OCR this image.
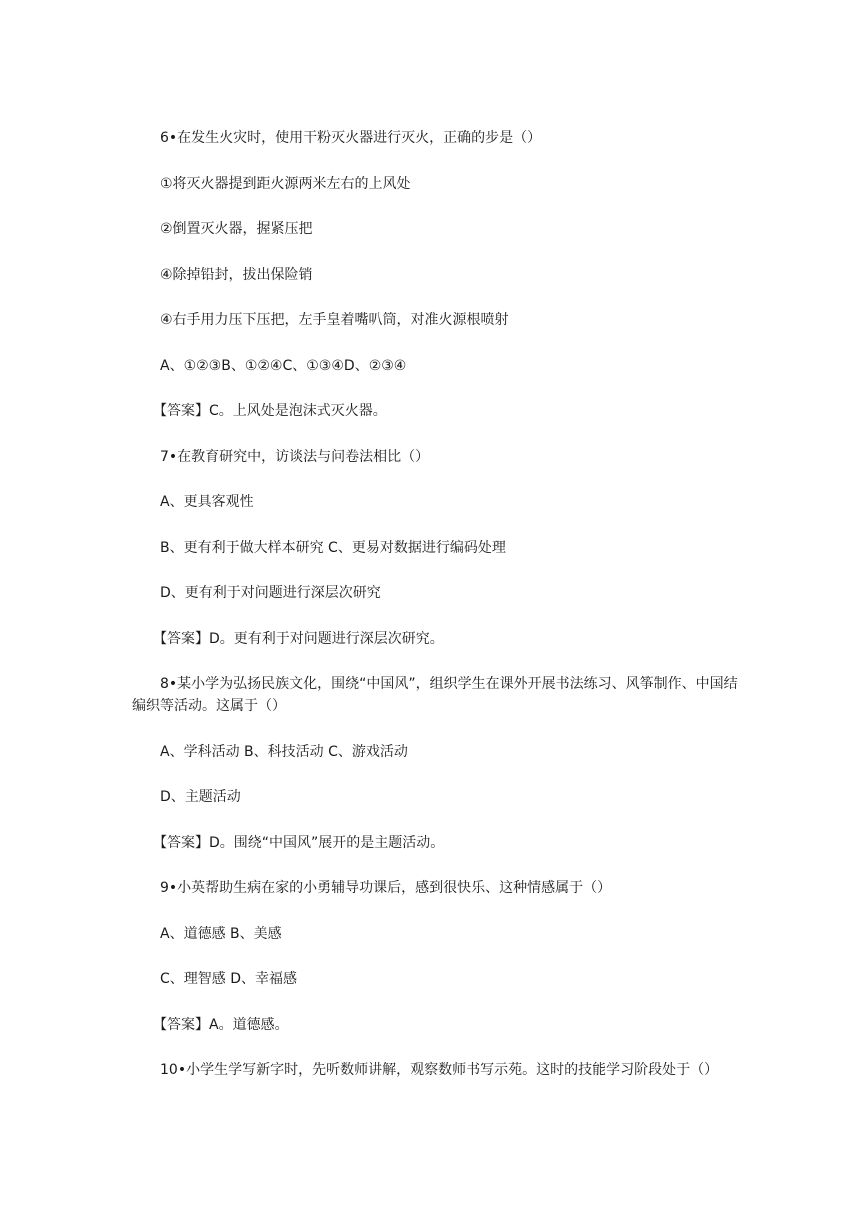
6•在发生火灾时，使用干粉灭火器进行灭火，正确的步是（）
①将灭火器提到距火源两米左右的上风处
②倒置灭火器，握紧压把
④除掉铅封，拔出保险销
④右手用力压下压把，左手皇着嘴叭筒，对准火源根喷射
A、①②③B、①②④C、①③④D、②③④
【答案】C。上风处是泡沫式灭火器。
7•在教育研究中，访谈法与问卷法相比（）
A、更具客观性
B、更有利于做大样本研究 C、更易对数据进行编码处理
D、更有利于对问题进行深层次研究
【答案】D。更有利于对问题进行深层次研究。
8•某小学为弘扬民族文化，围绕“中国风”，组织学生在课外开展书法练习、风筝制作、中国结编织等活动。这属于（）
A、学科活动 B、科技活动 C、游戏活动
D、主题活动
【答案】D。围绕“中国风”展开的是主题活动。
9•小英帮助生病在家的小勇辅导功课后，感到很快乐、这种情感属于（）
A、道德感 B、美感
C、理智感 D、幸福感
【答案】A。道德感。
10•小学生学写新字时，先听数师讲解，观察数师书写示苑。这时的技能学习阶段处于（）
